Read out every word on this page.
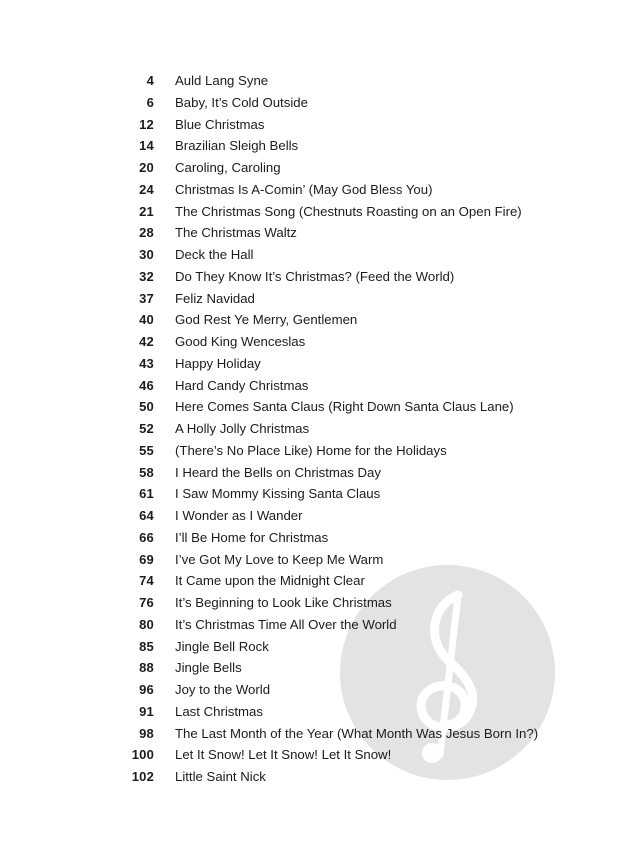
4 Auld Lang Syne
6 Baby, It’s Cold Outside
12 Blue Christmas
14 Brazilian Sleigh Bells
20 Caroling, Caroling
24 Christmas Is A-Comin’ (May God Bless You)
21 The Christmas Song (Chestnuts Roasting on an Open Fire)
28 The Christmas Waltz
30 Deck the Hall
32 Do They Know It’s Christmas? (Feed the World)
37 Feliz Navidad
40 God Rest Ye Merry, Gentlemen
42 Good King Wenceslas
43 Happy Holiday
46 Hard Candy Christmas
50 Here Comes Santa Claus (Right Down Santa Claus Lane)
52 A Holly Jolly Christmas
55 (There’s No Place Like) Home for the Holidays
58 I Heard the Bells on Christmas Day
61 I Saw Mommy Kissing Santa Claus
64 I Wonder as I Wander
66 I’ll Be Home for Christmas
69 I’ve Got My Love to Keep Me Warm
74 It Came upon the Midnight Clear
76 It’s Beginning to Look Like Christmas
80 It’s Christmas Time All Over the World
85 Jingle Bell Rock
88 Jingle Bells
96 Joy to the World
91 Last Christmas
98 The Last Month of the Year (What Month Was Jesus Born In?)
100 Let It Snow! Let It Snow! Let It Snow!
102 Little Saint Nick
